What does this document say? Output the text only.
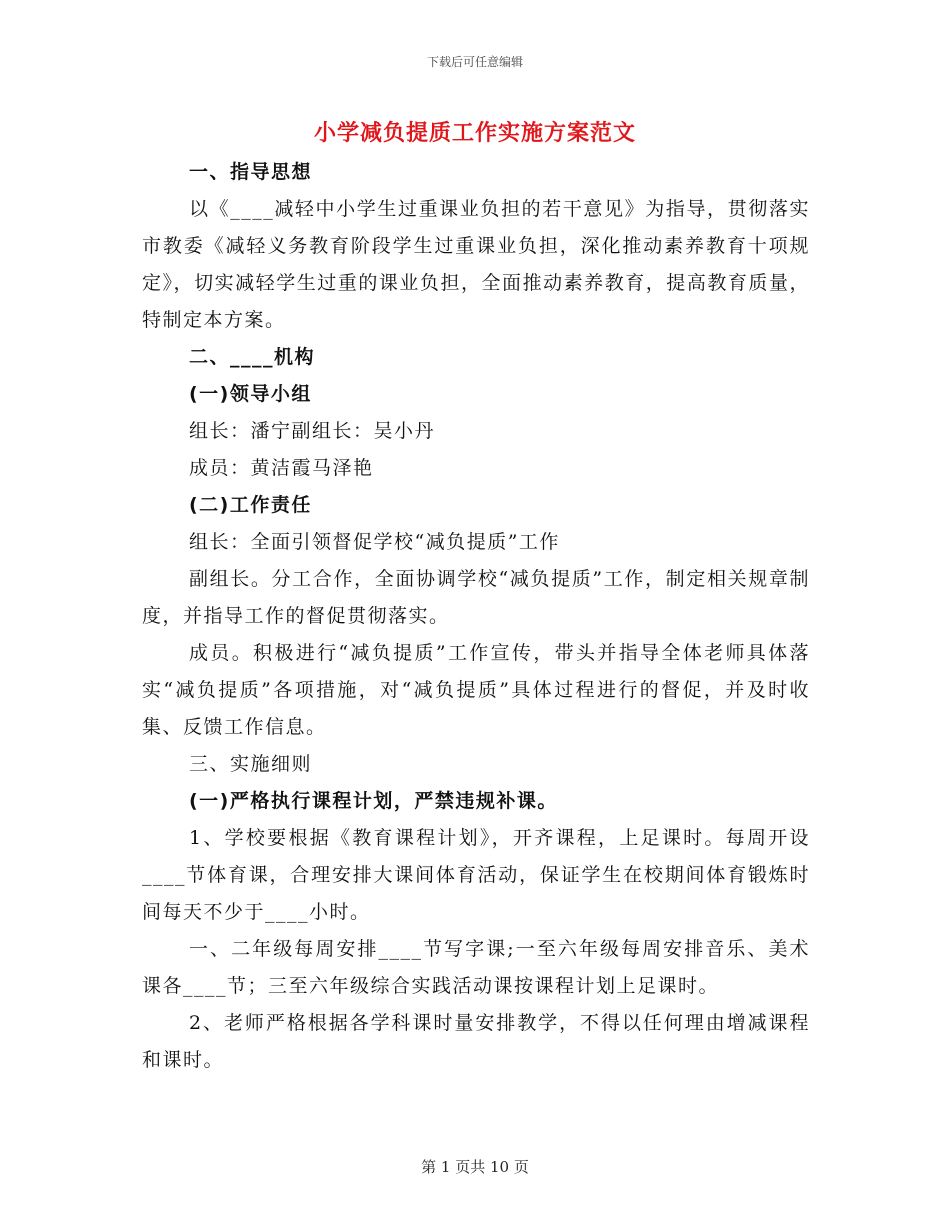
下载后可任意编辑
小学减负提质工作实施方案范文

一、指导思想

以《____减轻中小学生过重课业负担的若干意见》为指导，贯彻落实市教委《减轻义务教育阶段学生过重课业负担，深化推动素养教育十项规定》，切实减轻学生过重的课业负担，全面推动素养教育，提高教育质量，特制定本方案。

二、____机构

(一)领导小组

组长：潘宁副组长：吴小丹

成员：黄洁霞马泽艳

(二)工作责任

组长：全面引领督促学校“减负提质”工作

副组长。分工合作，全面协调学校“减负提质”工作，制定相关规章制度，并指导工作的督促贯彻落实。

成员。积极进行“减负提质”工作宣传，带头并指导全体老师具体落实“减负提质”各项措施，对“减负提质”具体过程进行的督促，并及时收集、反馈工作信息。

三、实施细则

(一)严格执行课程计划，严禁违规补课。

1、学校要根据《教育课程计划》，开齐课程，上足课时。每周开设____节体育课，合理安排大课间体育活动，保证学生在校期间体育锻炼时间每天不少于____小时。

一、二年级每周安排____节写字课;一至六年级每周安排音乐、美术课各____节；三至六年级综合实践活动课按课程计划上足课时。

2、老师严格根据各学科课时量安排教学，不得以任何理由增减课程和课时。

第 1 页共 10 页
